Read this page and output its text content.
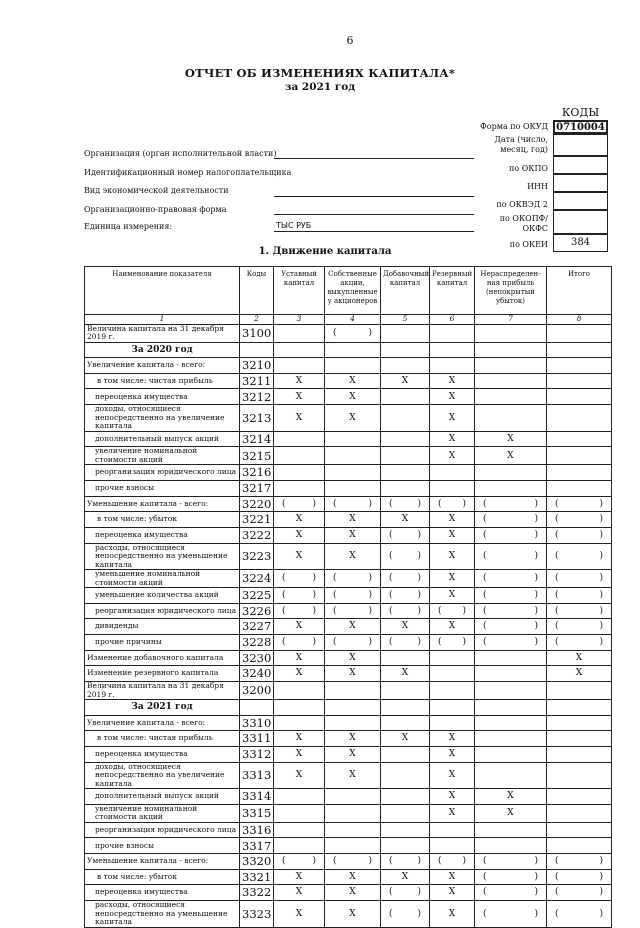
6
ОТЧЕТ ОБ ИЗМЕНЕНИЯХ КАПИТАЛА*
за 2021 год
КОДЫ
Форма по ОКУД
Дата (число,
месяц, год)
по ОКПО
ИНН
по ОКВЭД 2
по ОКОПФ/
ОКФС
по ОКЕИ
0710004
384
Организация (орган исполнительной власти)
Идентификационный номер налогоплательщика
Вид экономической деятельности
Организационно-правовая форма
Единица измерения:	ТЫС РУБ
1. Движение капитала
Наименование показателя	Коды	Уставный капитал	Собственные акции, выкупленные у акционеров	Добавочный капитал	Резервный капитал	Нераспределен-ная прибыль (непокрытый убыток)	Итого
1	2	3	4	5	6	7	8
Величина капитала на 31 декабря 2019 г.	3100		( )				

За 2020 год							
Увеличение капитала - всего:	3210						
в том числе: чистая прибыль	3211	X	X	X	X		
переоценка имущества	3212	X	X		X		
доходы, относящиеся непосредственно на увеличение капитала	3213	X	X		X		
дополнительный выпуск акций	3214				X	X	
увеличение номинальной стоимости акций	3215				X	X	
реорганизация юридического лица	3216						
прочие взносы	3217						
Уменьшение капитала - всего:	3220	( )	( )	( )	( )	( )	( )

в том числе: убыток	3221	X	X	X	X	( )	( )

переоценка имущества	3222	X	X	( )	X	( )	( )

расходы, относящиеся непосредственно на уменьшение капитала	3223	X	X	( )	X	( )	( )

уменьшение номинальной стоимости акций	3224	( )	( )	( )	X	( )	( )

уменьшение количества акций	3225	( )	( )	( )	X	( )	( )

реорганизация юридического лица	3226	( )	( )	( )	( )	( )	( )

дивиденды	3227	X	X	X	X	( )	( )

прочие причины	3228	( )	( )	( )	( )	( )	( )

Изменение добавочного капитала	3230	X	X				X
Изменение резервного капитала	3240	X	X	X			X
Величина капитала на 31 декабря 2019 г.	3200						
За 2021 год							
Увеличение капитала - всего:	3310						
в том числе: чистая прибыль	3311	X	X	X	X		
переоценка имущества	3312	X	X		X		
доходы, относящиеся непосредственно на увеличение капитала	3313	X	X		X		
дополнительный выпуск акций	3314				X	X	
увеличение номинальной стоимости акций	3315				X	X	
реорганизация юридического лица	3316						
прочие взносы	3317						
Уменьшение капитала - всего:	3320	( )	( )	( )	( )	( )	( )

в том числе: убыток	3321	X	X	X	X	( )	( )

переоценка имущества	3322	X	X	( )	X	( )	( )

расходы, относящиеся непосредственно на уменьшение капитала	3323	X	X	( )	X	( )	( )
